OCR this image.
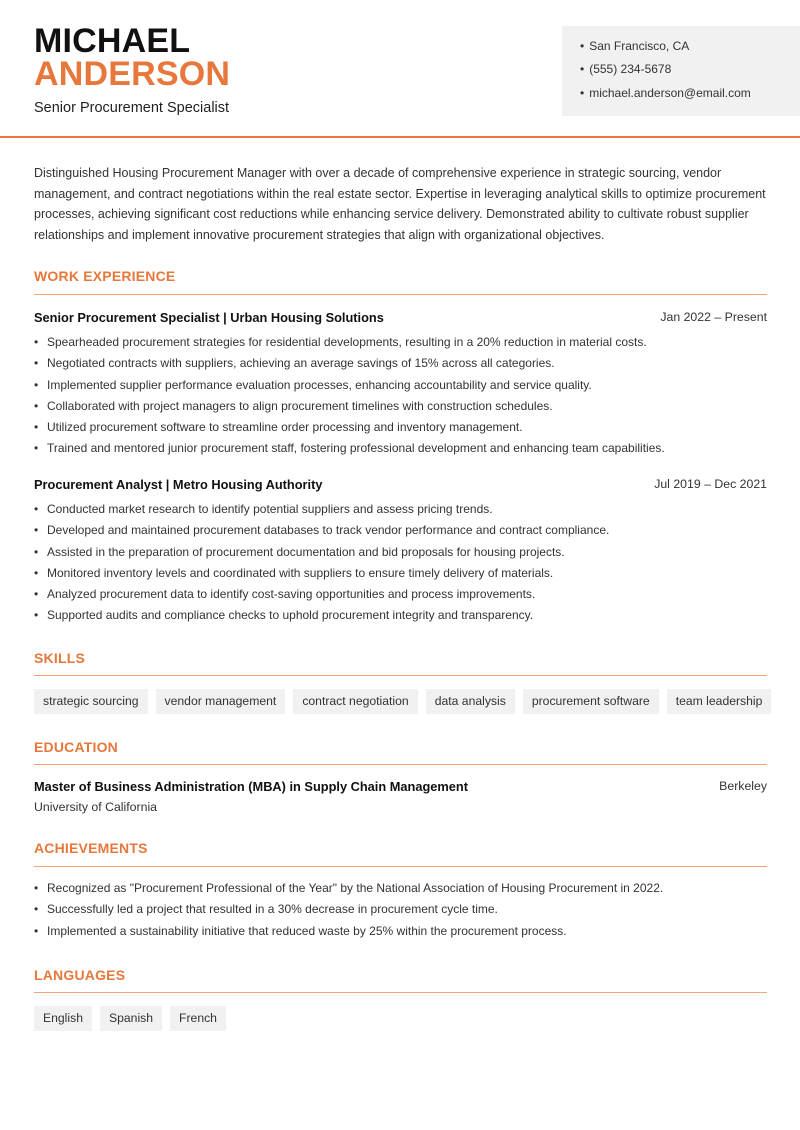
MICHAEL
ANDERSON
Senior Procurement Specialist
• San Francisco, CA
• (555) 234-5678
• michael.anderson@email.com
Distinguished Housing Procurement Manager with over a decade of comprehensive experience in strategic sourcing, vendor management, and contract negotiations within the real estate sector. Expertise in leveraging analytical skills to optimize procurement processes, achieving significant cost reductions while enhancing service delivery. Demonstrated ability to cultivate robust supplier relationships and implement innovative procurement strategies that align with organizational objectives.
WORK EXPERIENCE
Senior Procurement Specialist | Urban Housing Solutions	Jan 2022 – Present
• Spearheaded procurement strategies for residential developments, resulting in a 20% reduction in material costs.
• Negotiated contracts with suppliers, achieving an average savings of 15% across all categories.
• Implemented supplier performance evaluation processes, enhancing accountability and service quality.
• Collaborated with project managers to align procurement timelines with construction schedules.
• Utilized procurement software to streamline order processing and inventory management.
• Trained and mentored junior procurement staff, fostering professional development and enhancing team capabilities.
Procurement Analyst | Metro Housing Authority	Jul 2019 – Dec 2021
• Conducted market research to identify potential suppliers and assess pricing trends.
• Developed and maintained procurement databases to track vendor performance and contract compliance.
• Assisted in the preparation of procurement documentation and bid proposals for housing projects.
• Monitored inventory levels and coordinated with suppliers to ensure timely delivery of materials.
• Analyzed procurement data to identify cost-saving opportunities and process improvements.
• Supported audits and compliance checks to uphold procurement integrity and transparency.
SKILLS
strategic sourcing	vendor management	contract negotiation	data analysis	procurement software	team leadership
EDUCATION
Master of Business Administration (MBA) in Supply Chain Management	Berkeley
University of California
ACHIEVEMENTS
• Recognized as "Procurement Professional of the Year" by the National Association of Housing Procurement in 2022.
• Successfully led a project that resulted in a 30% decrease in procurement cycle time.
• Implemented a sustainability initiative that reduced waste by 25% within the procurement process.
LANGUAGES
English	Spanish	French
